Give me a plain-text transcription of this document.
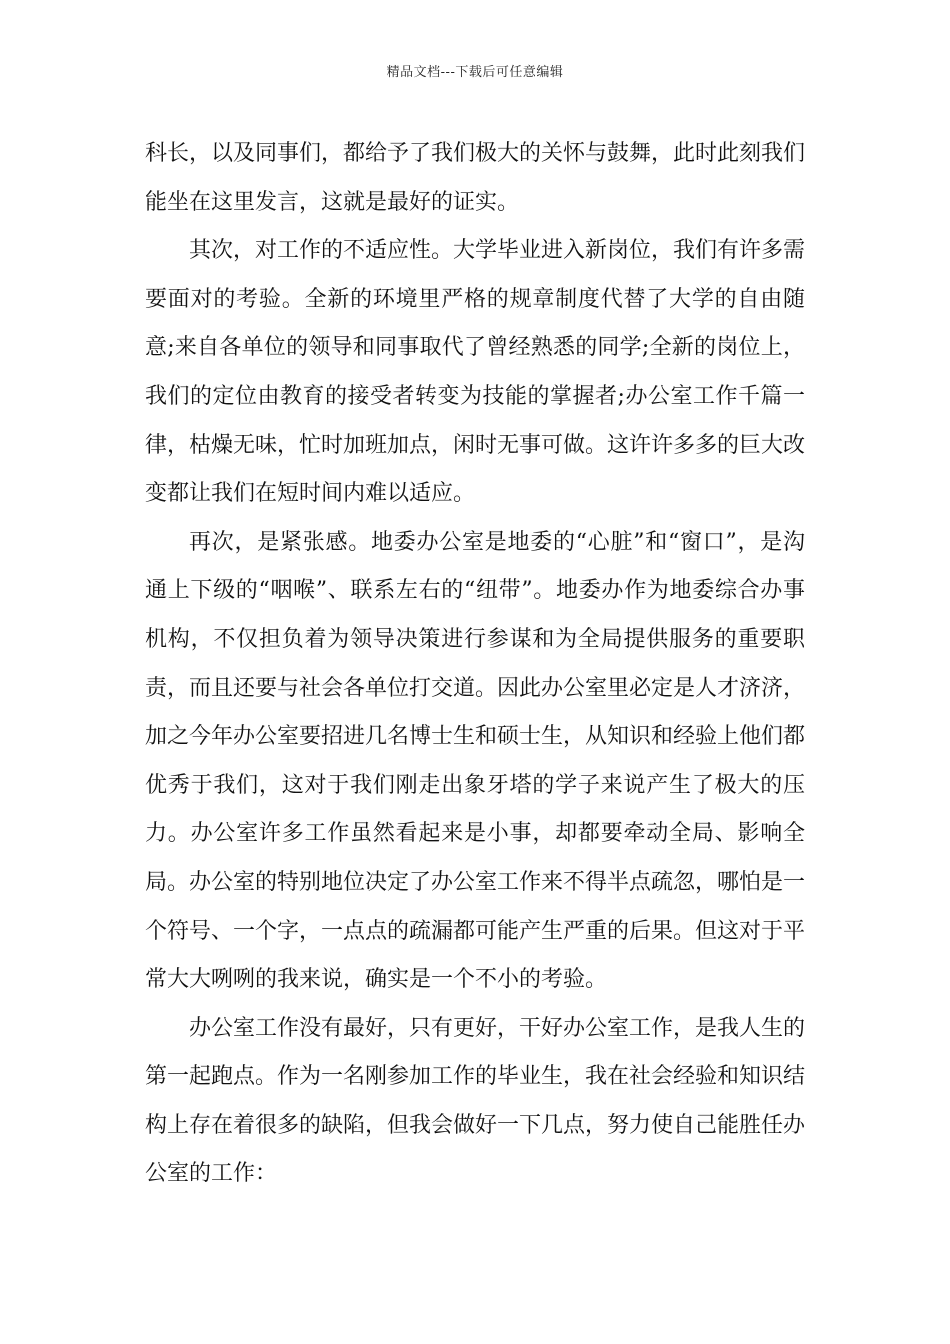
精品文档---下载后可任意编辑

科长，以及同事们，都给予了我们极大的关怀与鼓舞，此时此刻我们能坐在这里发言，这就是最好的证实。

其次，对工作的不适应性。大学毕业进入新岗位，我们有许多需要面对的考验。全新的环境里严格的规章制度代替了大学的自由随意;来自各单位的领导和同事取代了曾经熟悉的同学;全新的岗位上，我们的定位由教育的接受者转变为技能的掌握者;办公室工作千篇一律，枯燥无味，忙时加班加点，闲时无事可做。这许许多多的巨大改变都让我们在短时间内难以适应。

再次，是紧张感。地委办公室是地委的“心脏”和“窗口”，是沟通上下级的“咽喉”、联系左右的“纽带”。地委办作为地委综合办事机构，不仅担负着为领导决策进行参谋和为全局提供服务的重要职责，而且还要与社会各单位打交道。因此办公室里必定是人才济济，加之今年办公室要招进几名博士生和硕士生，从知识和经验上他们都优秀于我们，这对于我们刚走出象牙塔的学子来说产生了极大的压力。办公室许多工作虽然看起来是小事，却都要牵动全局、影响全局。办公室的特别地位决定了办公室工作来不得半点疏忽，哪怕是一个符号、一个字，一点点的疏漏都可能产生严重的后果。但这对于平常大大咧咧的我来说，确实是一个不小的考验。

办公室工作没有最好，只有更好，干好办公室工作，是我人生的第一起跑点。作为一名刚参加工作的毕业生，我在社会经验和知识结构上存在着很多的缺陷，但我会做好一下几点，努力使自己能胜任办公室的工作：
